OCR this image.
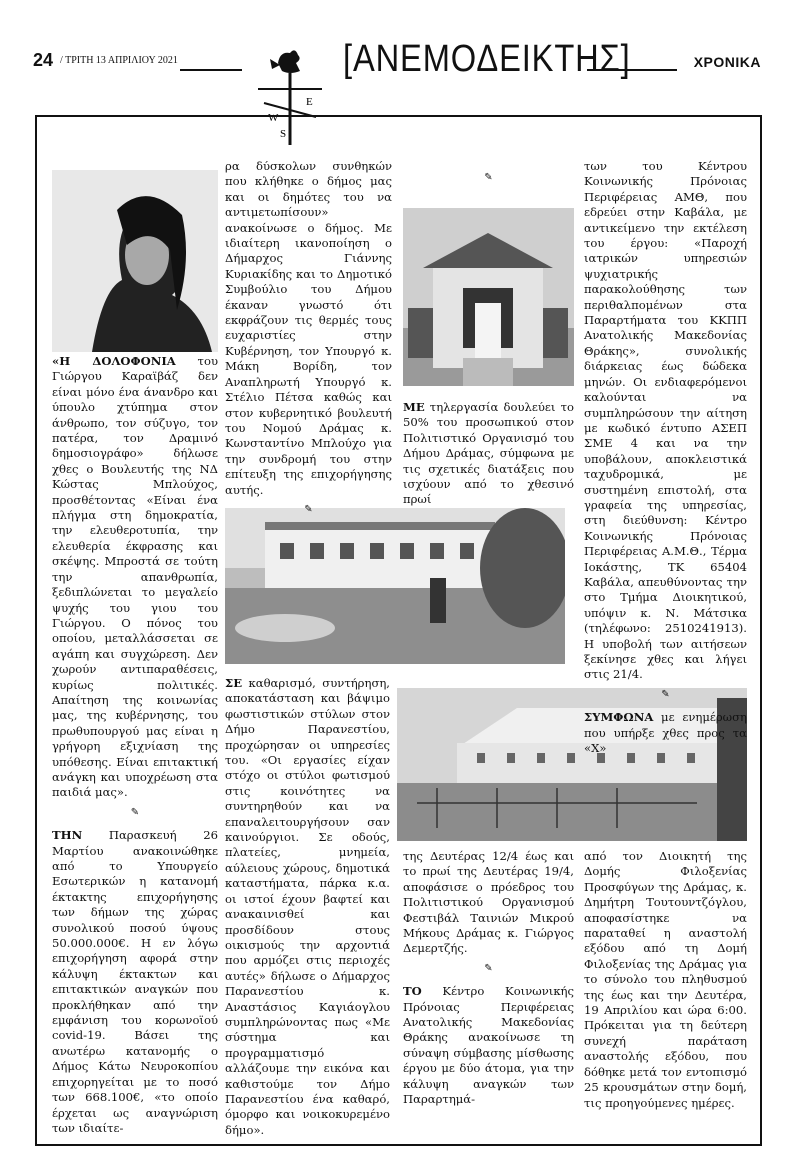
24 / ΤΡΙΤΗ 13 ΑΠΡΙΛΙΟΥ 2021	ΧΡΟΝΙΚΑ
W
E
S
[ΑΝΕΜΟΔΕΙΚΤΗΣ]

«Η ΔΟΛΟΦΟΝΙΑ του Γιώργου Καραϊβάζ δεν είναι μόνο ένα άνανδρο και ύπουλο χτύπημα στον άνθρωπο, τον σύζυγο, τον πατέρα, τον Δραμινό δημοσιογράφο» δήλωσε χθες ο Βουλευτής της ΝΔ Κώστας Μπλούχος, προσθέτοντας «Είναι ένα πλήγμα στη δημοκρατία, την ελευθεροτυπία, την ελευθερία έκφρασης και σκέψης. Μπροστά σε τούτη την απανθρωπία, ξεδιπλώνεται το μεγαλείο ψυχής του γιου του Γιώργου. Ο πόνος του οποίου, μεταλλάσσεται σε αγάπη και συγχώρεση. Δεν χωρούν αντιπαραθέσεις, κυρίως πολιτικές. Απαίτηση της κοινωνίας μας, της κυβέρνησης, του πρωθυπουργού μας είναι η γρήγορη εξιχνίαση της υπόθεσης. Είναι επιτακτική ανάγκη και υποχρέωση στα παιδιά μας».

✎

ΤΗΝ Παρασκευή 26 Μαρτίου ανακοινώθηκε από το Υπουργείο Εσωτερικών η κατανομή έκτακτης επιχορήγησης των δήμων της χώρας συνολικού ποσού ύψους 50.000.000€. Η εν λόγω επιχορήγηση αφορά στην κάλυψη έκτακτων και επιτακτικών αναγκών που προκλήθηκαν από την εμφάνιση του κορωνοϊού covid-19. Βάσει της ανωτέρω κατανομής ο Δήμος Κάτω Νευροκοπίου επιχορηγείται με το ποσό των 668.100€, «το οποίο έρχεται ως αναγνώριση των ιδιαίτε-

ρα δύσκολων συνθηκών που κλήθηκε ο δήμος μας και οι δημότες του να αντιμετωπίσουν» ανακοίνωσε ο δήμος. Με ιδιαίτερη ικανοποίηση ο Δήμαρχος Γιάννης Κυριακίδης και το Δημοτικό Συμβούλιο του Δήμου έκαναν γνωστό ότι εκφράζουν τις θερμές τους ευχαριστίες στην Κυβέρνηση, τον Υπουργό κ. Μάκη Βορίδη, τον Αναπληρωτή Υπουργό κ. Στέλιο Πέτσα καθώς και στον κυβερνητικό βουλευτή του Νομού Δράμας κ. Κωνσταντίνο Μπλούχο για την συνδρομή του στην επίτευξη της επιχορήγησης αυτής.

✎

ΣΕ καθαρισμό, συντήρηση, αποκατάσταση και βάψιμο φωστιστικών στύλων στον Δήμο Παρανεστίου, προχώρησαν οι υπηρεσίες του. «Οι εργασίες είχαν στόχο οι στύλοι φωτισμού στις κοινότητες να συντηρηθούν και να επαναλειτουργήσουν σαν καινούργιοι. Σε οδούς, πλατείες, μνημεία, αύλειους χώρους, δημοτικά καταστήματα, πάρκα κ.α. οι ιστοί έχουν βαφτεί και ανακαινισθεί και προσδίδουν στους οικισμούς την αρχοντιά που αρμόζει στις περιοχές αυτές» δήλωσε ο Δήμαρχος Παρανεστίου κ. Αναστάσιος Καγιάογλου συμπληρώνοντας πως «Με σύστημα και προγραμματισμό αλλάζουμε την εικόνα και καθιστούμε τον Δήμο Παρανεστίου ένα καθαρό, όμορφο και νοικοκυρεμένο δήμο».

✎

ΜΕ τηλεργασία δουλεύει το 50% του προσωπικού στον Πολιτιστικό Οργανισμό του Δήμου Δράμας, σύμφωνα με τις σχετικές διατάξεις που ισχύουν από το χθεσινό πρωί

της Δευτέρας 12/4 έως και το πρωί της Δευτέρας 19/4, αποφάσισε ο πρόεδρος του Πολιτιστικού Οργανισμού Φεστιβάλ Ταινιών Μικρού Μήκους Δράμας κ. Γιώργος Δεμερτζής.

✎

ΤΟ Κέντρο Κοινωνικής Πρόνοιας Περιφέρειας Ανατολικής Μακεδονίας Θράκης ανακοίνωσε τη σύναψη σύμβασης μίσθωσης έργου με δύο άτομα, για την κάλυψη αναγκών των Παραρτημά-

των του Κέντρου Κοινωνικής Πρόνοιας Περιφέρειας ΑΜΘ, που εδρεύει στην Καβάλα, με αντικείμενο την εκτέλεση του έργου: «Παροχή ιατρικών υπηρεσιών ψυχιατρικής παρακολούθησης των περιθαλπομένων στα Παραρτήματα του ΚΚΠΠ Ανατολικής Μακεδονίας Θράκης», συνολικής διάρκειας έως δώδεκα μηνών. Οι ενδιαφερόμενοι καλούνται να συμπληρώσουν την αίτηση με κωδικό έντυπο ΑΣΕΠ ΣΜΕ 4 και να την υποβάλουν, αποκλειστικά ταχυδρομικά, με συστημένη επιστολή, στα γραφεία της υπηρεσίας, στη διεύθυνση: Κέντρο Κοινωνικής Πρόνοιας Περιφέρειας Α.Μ.Θ., Τέρμα Ιοκάστης, ΤΚ 65404 Καβάλα, απευθύνοντας την στο Τμήμα Διοικητικού, υπόψιν κ. Ν. Μάτσικα (τηλέφωνο: 2510241913). Η υποβολή των αιτήσεων ξεκίνησε χθες και λήγει στις 21/4.

✎

ΣΥΜΦΩΝΑ με ενημέρωση που υπήρξε χθες προς τα «Χ»

από τον Διοικητή της Δομής Φιλοξενίας Προσφύγων της Δράμας, κ. Δημήτρη Τουτουντζόγλου, αποφασίστηκε να παραταθεί η αναστολή εξόδου από τη Δομή Φιλοξενίας της Δράμας για το σύνολο του πληθυσμού της έως και την Δευτέρα, 19 Απριλίου και ώρα 6:00. Πρόκειται για τη δεύτερη συνεχή παράταση αναστολής εξόδου, που δόθηκε μετά τον εντοπισμό 25 κρουσμάτων στην δομή, τις προηγούμενες ημέρες.
